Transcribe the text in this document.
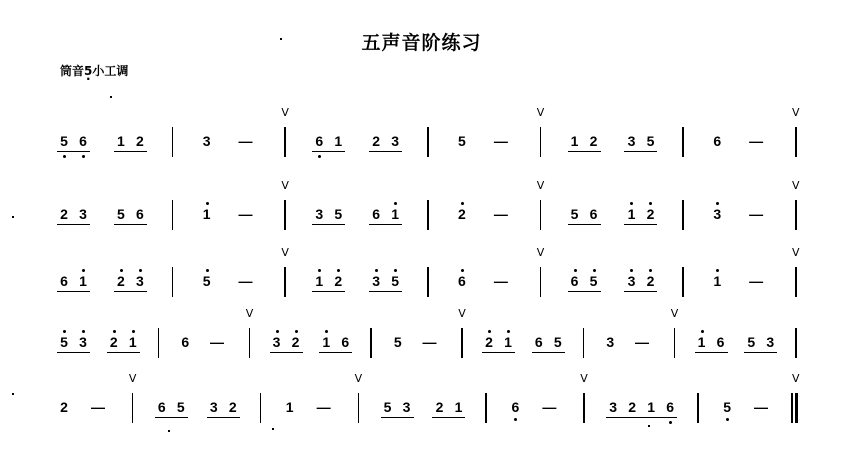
五声音阶练习
筒音5 ·小工调
5 6 1 2	3 —
V
6 1 2 3	5 —
V
1 2 3 5	6 —
V
2 3 5 6	1 —
V
3 5 6 1	2 —
V
5 6 1 2	3 —
V
6 1 2 3	5 —
V
1 2 3 5	6 —
V
6 5 3 2	1 —
V
5 3 2 1	6 —
V
3 2 1 6	5 —
V
2 1 6 5	3 —
V
1 6 5 3
2 —
V
6 5 3 2	1 —
V
5 3 2 1	6 —
V
3 2 1 6	5 —
V
